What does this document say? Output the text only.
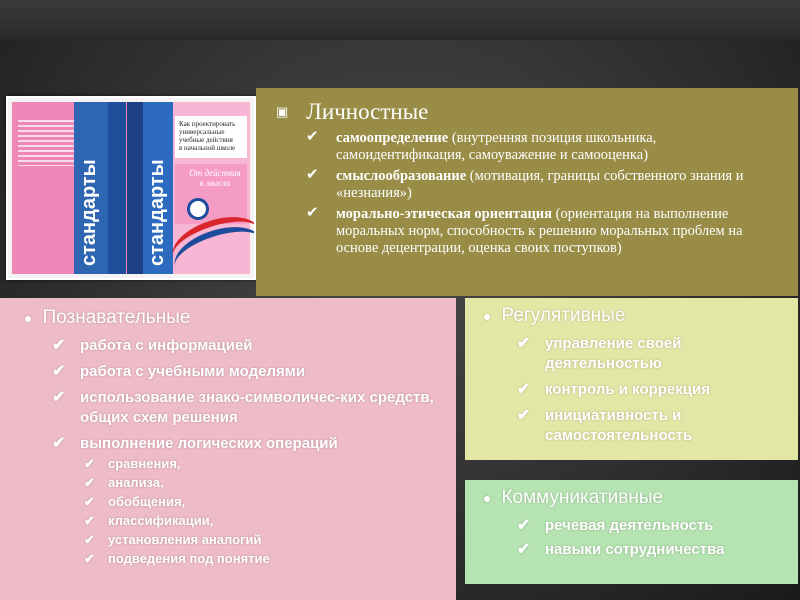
стандарты стандарты
Как проектировать
универсальные
учебные действия
в начальной школе
От действия
к мысли
▣ Личностные
✔ самоопределение (внутренняя позиция школьника, самоидентификация, самоуважение и самооценка)
✔ смыслообразование (мотивация, границы собственного знания и «незнания»)
✔ морально-этическая ориентация (ориентация на выполнение моральных норм, способность к решению моральных проблем на основе децентрации, оценка своих поступков)
● Познавательные
✔ работа с информацией
✔ работа с учебными моделями
✔ использование знако-символичес-ких средств, общих схем решения
✔ выполнение логических операций
✔ сравнения,
✔ анализа,
✔ обобщения,
✔ классификации,
✔ установления аналогий
✔ подведения под понятие
● Регулятивные
✔ управление своей деятельностью
✔ контроль и коррекция
✔ инициативность и самостоятельность
● Коммуникативные
✔ речевая деятельность
✔ навыки сотрудничества
